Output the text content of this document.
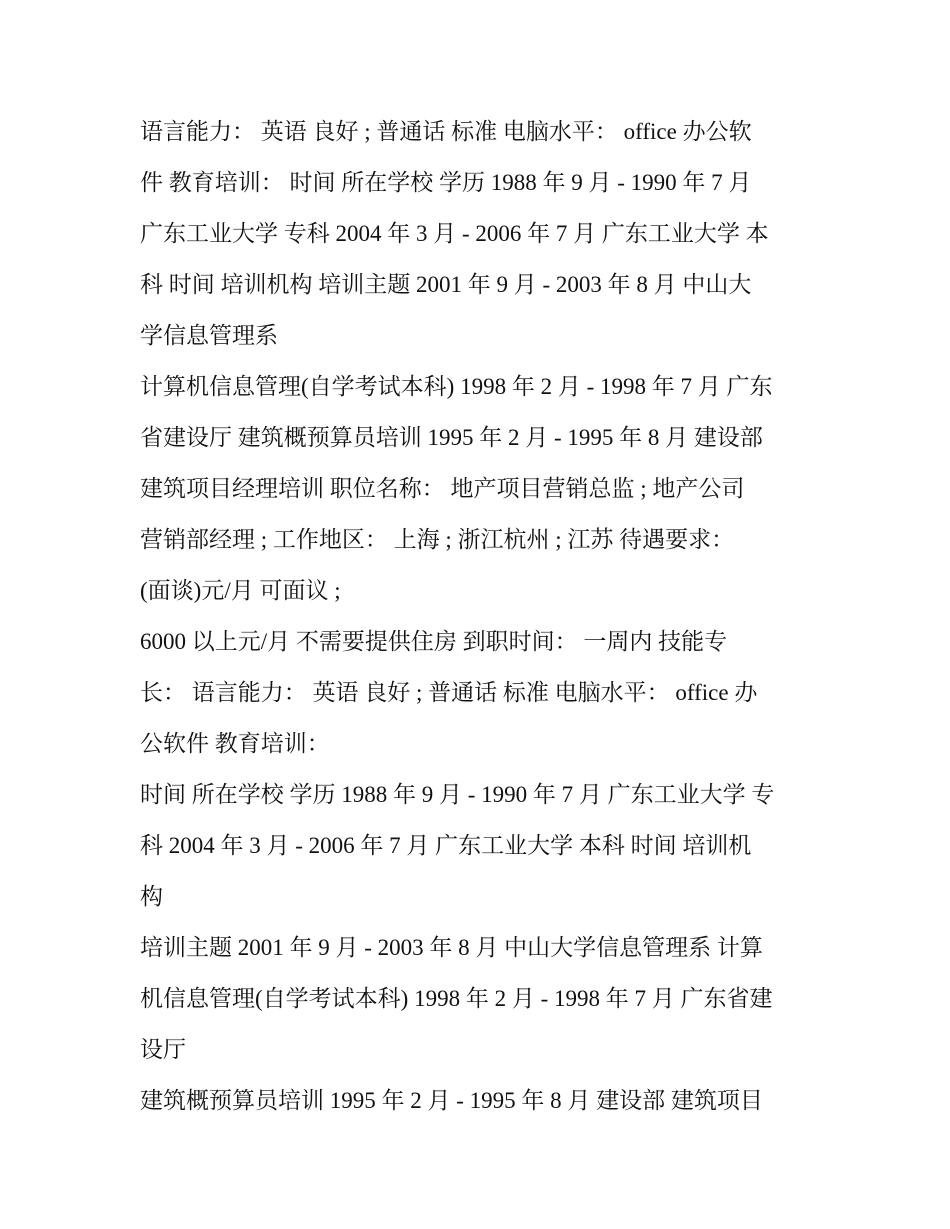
语言能力： 英语 良好 ; 普通话 标准 电脑水平： office 办公软
件 教育培训： 时间 所在学校 学历 1988 年 9 月 - 1990 年 7 月
广东工业大学 专科 2004 年 3 月 - 2006 年 7 月 广东工业大学 本
科 时间 培训机构 培训主题 2001 年 9 月 - 2003 年 8 月 中山大
学信息管理系
计算机信息管理(自学考试本科) 1998 年 2 月 - 1998 年 7 月 广东
省建设厅 建筑概预算员培训 1995 年 2 月 - 1995 年 8 月 建设部
建筑项目经理培训 职位名称： 地产项目营销总监 ; 地产公司
营销部经理 ; 工作地区： 上海 ; 浙江杭州 ; 江苏 待遇要求：
(面谈)元/月 可面议 ;
6000 以上元/月 不需要提供住房 到职时间： 一周内 技能专
长： 语言能力： 英语 良好 ; 普通话 标准 电脑水平： office 办
公软件 教育培训：
时间 所在学校 学历 1988 年 9 月 - 1990 年 7 月 广东工业大学 专
科 2004 年 3 月 - 2006 年 7 月 广东工业大学 本科 时间 培训机
构
培训主题 2001 年 9 月 - 2003 年 8 月 中山大学信息管理系 计算
机信息管理(自学考试本科) 1998 年 2 月 - 1998 年 7 月 广东省建
设厅
建筑概预算员培训 1995 年 2 月 - 1995 年 8 月 建设部 建筑项目
